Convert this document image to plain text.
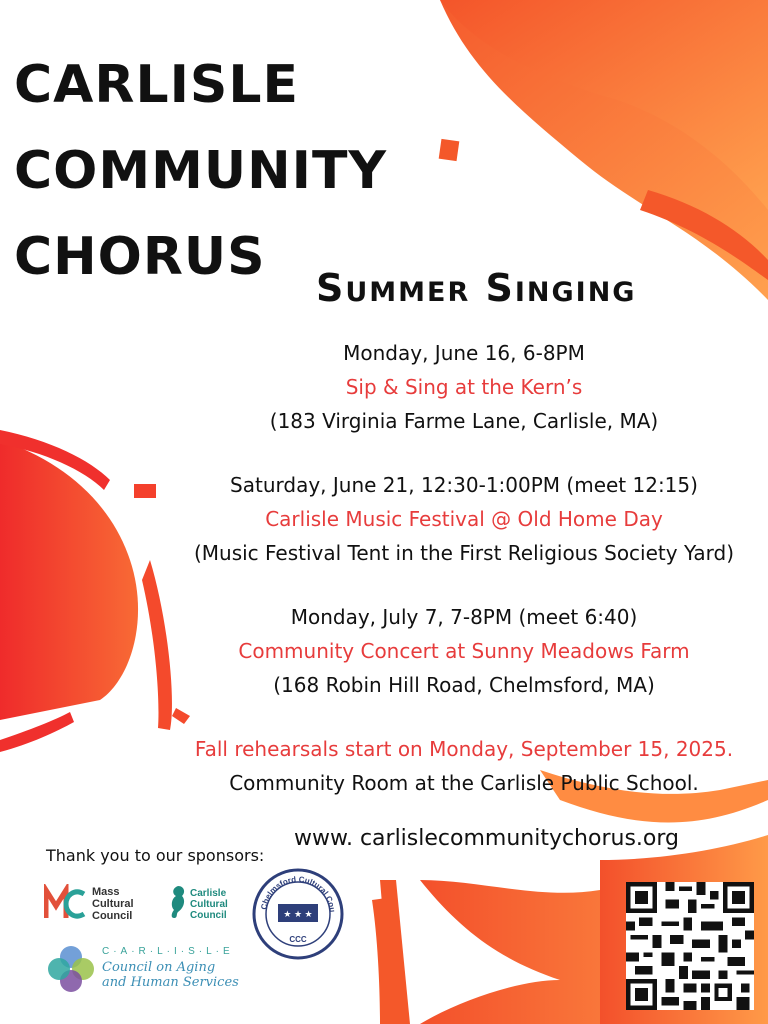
CARLISLE
COMMUNITY
CHORUS
Summer Singing
Monday, June 16, 6-8PM
Sip & Sing at the Kern’s
(183 Virginia Farme Lane, Carlisle, MA)
Saturday, June 21, 12:30-1:00PM (meet 12:15)
Carlisle Music Festival @ Old Home Day
(Music Festival Tent in the First Religious Society Yard)
Monday, July 7, 7-8PM (meet 6:40)
Community Concert at Sunny Meadows Farm
(168 Robin Hill Road, Chelmsford, MA)
Fall rehearsals start on Monday, September 15, 2025.
Community Room at the Carlisle Public School.
www. carlislecommunitychorus.org
Thank you to our sponsors:
Mass
Cultural
Council
Carlisle
Cultural
Council
Chelmsford Cultural Cou
★ ★ ★
CCC
C·A·R·L·I·S·L·E
Council on Aging
and Human Services
